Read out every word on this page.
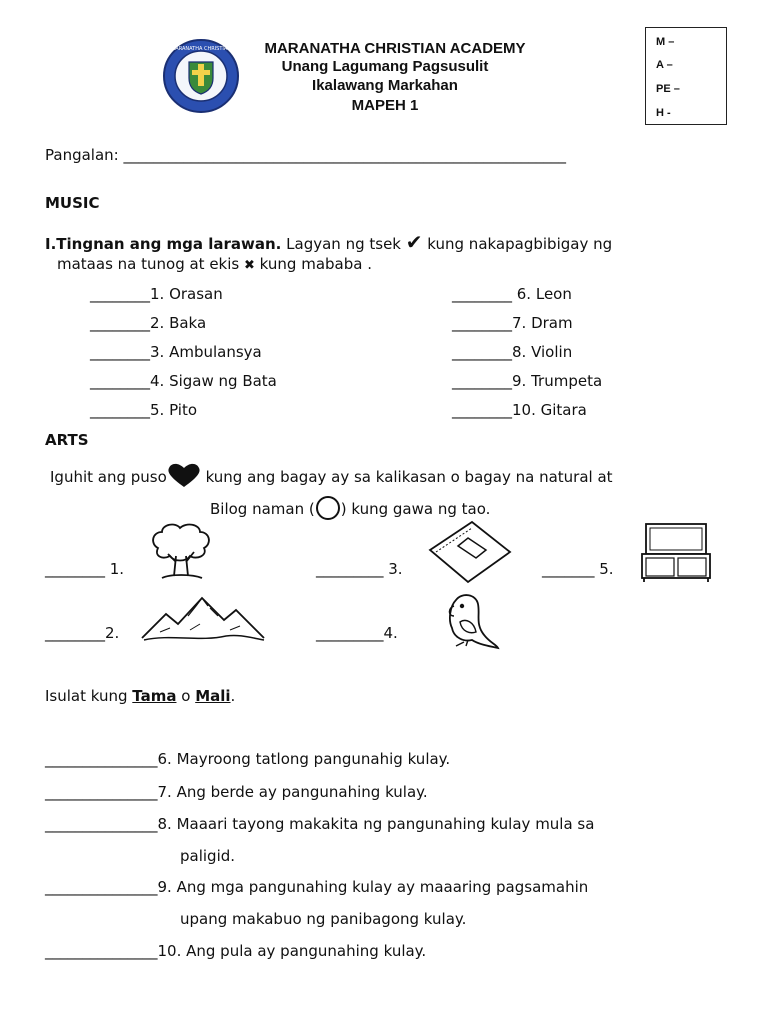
MARANATHA CHRISTIAN	MARANATHA CHRISTIAN ACADEMY
Unang Lagumang Pagsusulit
Ikalawang Markahan
MAPEH 1
M –
A –
PE –
H -
Pangalan: ___________________________________________________________
MUSIC
I.Tingnan ang mga larawan. Lagyan ng tsek ✔ kung nakapagbibigay ng
mataas na tunog at ekis ✖ kung mababa .
________1. Orasan
________2. Baka
________3. Ambulansya
________4. Sigaw ng Bata
________5. Pito
________ 6. Leon
________7. Dram
________8. Violin
________9. Trumpeta
________10. Gitara
ARTS
Iguhit ang puso kung ang bagay ay sa kalikasan o bagay na natural at
Bilog naman ( ) kung gawa ng tao.
________ 1.	_________ 3.	_______ 5.
________2.	_________4.
Isulat kung Tama o Mali.
_______________6. Mayroong tatlong pangunahig kulay.
_______________7. Ang berde ay pangunahing kulay.
_______________8. Maaari tayong makakita ng pangunahing kulay mula sa
paligid.
_______________9. Ang mga pangunahing kulay ay maaaring pagsamahin
upang makabuo ng panibagong kulay.
_______________10. Ang pula ay pangunahing kulay.
